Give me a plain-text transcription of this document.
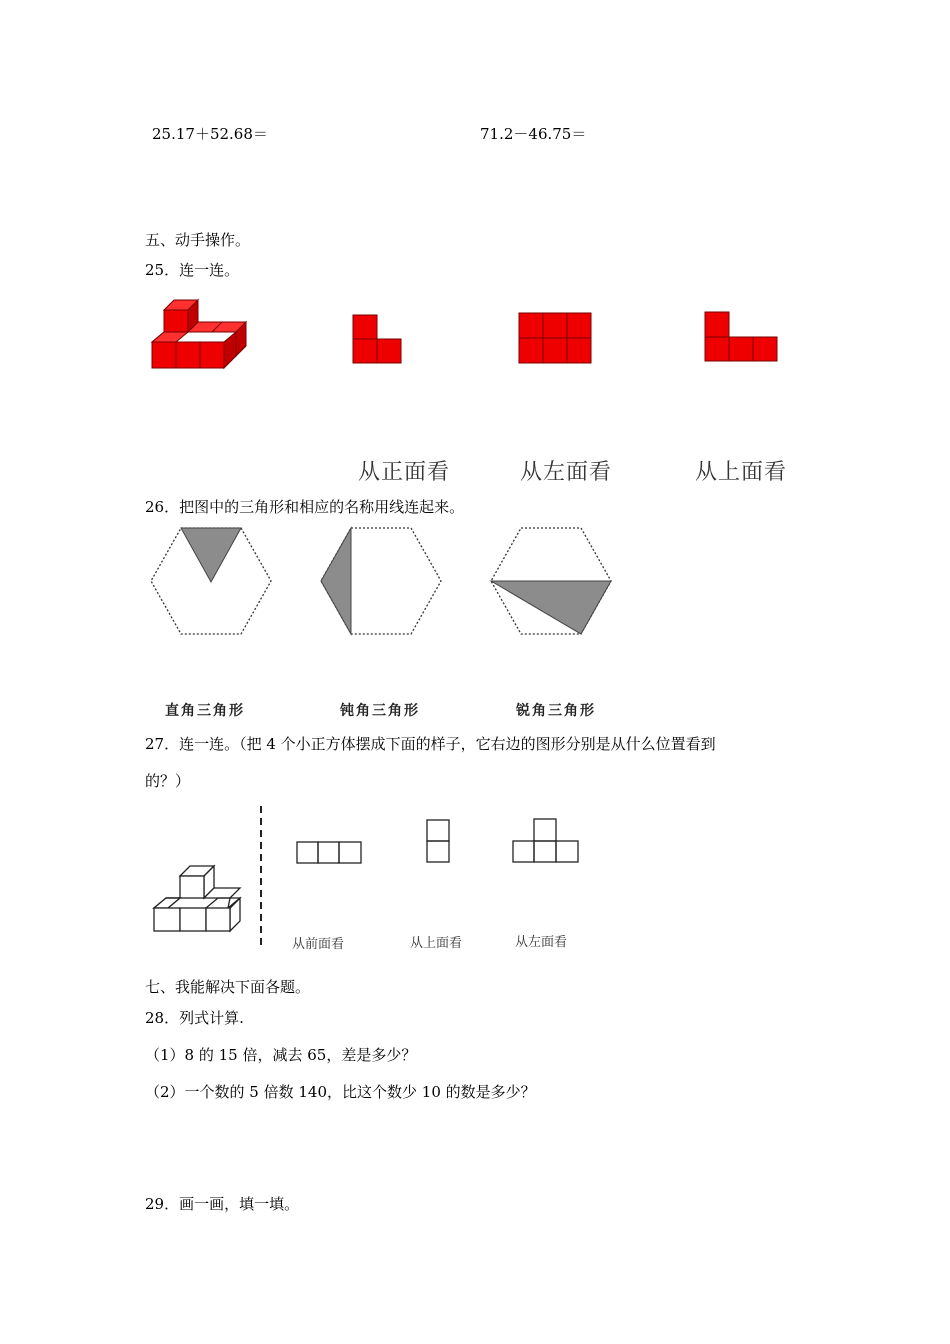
25.17＋52.68＝	71.2－46.75＝
五、动手操作。
25．连一连。
从正面看	从左面看	从上面看
26．把图中的三角形和相应的名称用线连起来。
直角三角形	钝角三角形	锐角三角形
27．连一连。（把 4 个小正方体摆成下面的样子，它右边的图形分别是从什么位置看到
的？）
从前面看	从上面看	从左面看
七、我能解决下面各题。
28．列式计算.
（1）8 的 15 倍，减去 65，差是多少？
（2）一个数的 5 倍数 140，比这个数少 10 的数是多少？
29．画一画，填一填。
